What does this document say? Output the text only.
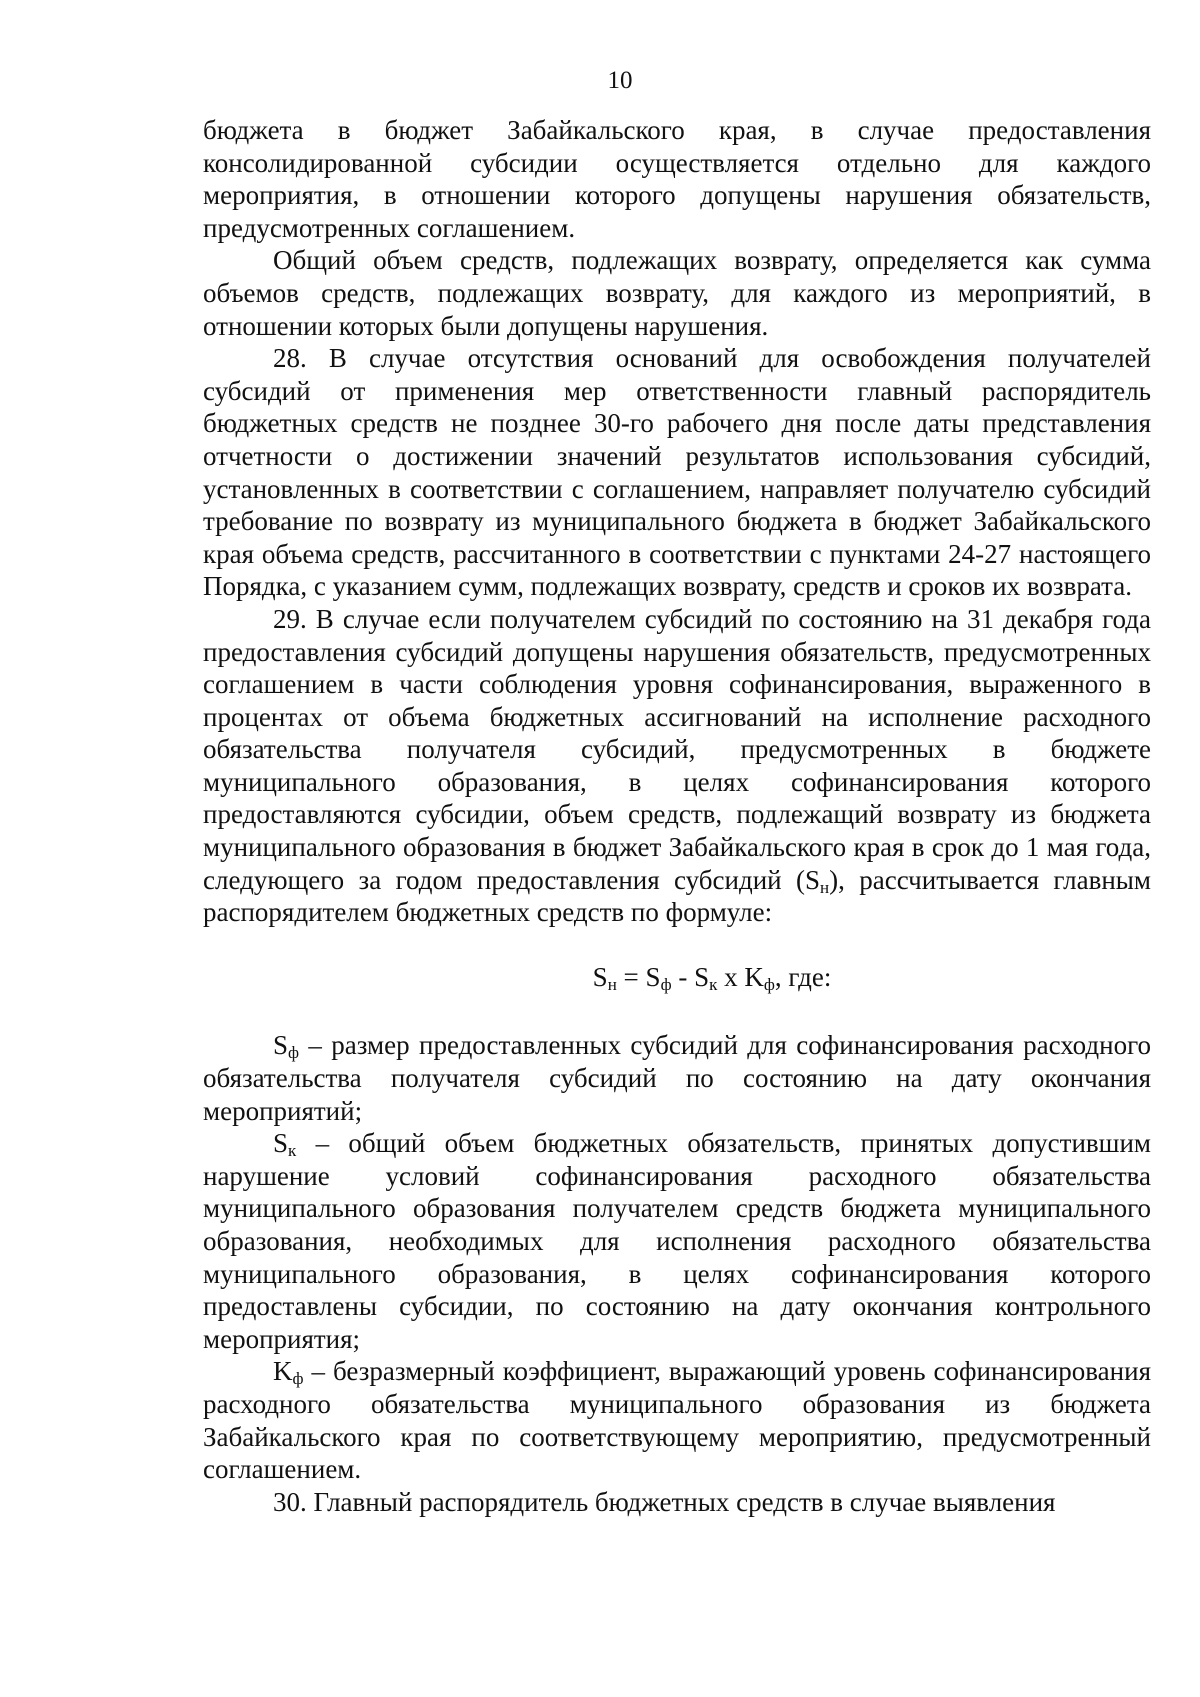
10

бюджета в бюджет Забайкальского края, в случае предоставления консолидированной субсидии осуществляется отдельно для каждого мероприятия, в отношении которого допущены нарушения обязательств, предусмотренных соглашением.

Общий объем средств, подлежащих возврату, определяется как сумма объемов средств, подлежащих возврату, для каждого из мероприятий, в отношении которых были допущены нарушения.

28. В случае отсутствия оснований для освобождения получателей субсидий от применения мер ответственности главный распорядитель бюджетных средств не позднее 30-го рабочего дня после даты представления отчетности о достижении значений результатов использования субсидий, установленных в соответствии с соглашением, направляет получателю субсидий требование по возврату из муниципального бюджета в бюджет Забайкальского края объема средств, рассчитанного в соответствии с пунктами 24-27 настоящего Порядка, с указанием сумм, подлежащих возврату, средств и сроков их возврата.

29. В случае если получателем субсидий по состоянию на 31 декабря года предоставления субсидий допущены нарушения обязательств, предусмотренных соглашением в части соблюдения уровня софинансирования, выраженного в процентах от объема бюджетных ассигнований на исполнение расходного обязательства получателя субсидий, предусмотренных в бюджете муниципального образования, в целях софинансирования которого предоставляются субсидии, объем средств, подлежащий возврату из бюджета муниципального образования в бюджет Забайкальского края в срок до 1 мая года, следующего за годом предоставления субсидий $(S_н)$, рассчитывается главным распорядителем бюджетных средств по формуле:

$S_н = S_ф - S_к$ x $K_ф$, где:

$S_ф$ – размер предоставленных субсидий для софинансирования расходного обязательства получателя субсидий по состоянию на дату окончания мероприятий;

$S_к$ – общий объем бюджетных обязательств, принятых допустившим нарушение условий софинансирования расходного обязательства муниципального образования получателем средств бюджета муниципального образования, необходимых для исполнения расходного обязательства муниципального образования, в целях софинансирования которого предоставлены субсидии, по состоянию на дату окончания контрольного мероприятия;

$K_ф$ – безразмерный коэффициент, выражающий уровень софинансирования расходного обязательства муниципального образования из бюджета Забайкальского края по соответствующему мероприятию, предусмотренный соглашением.

30. Главный распорядитель бюджетных средств в случае выявления
